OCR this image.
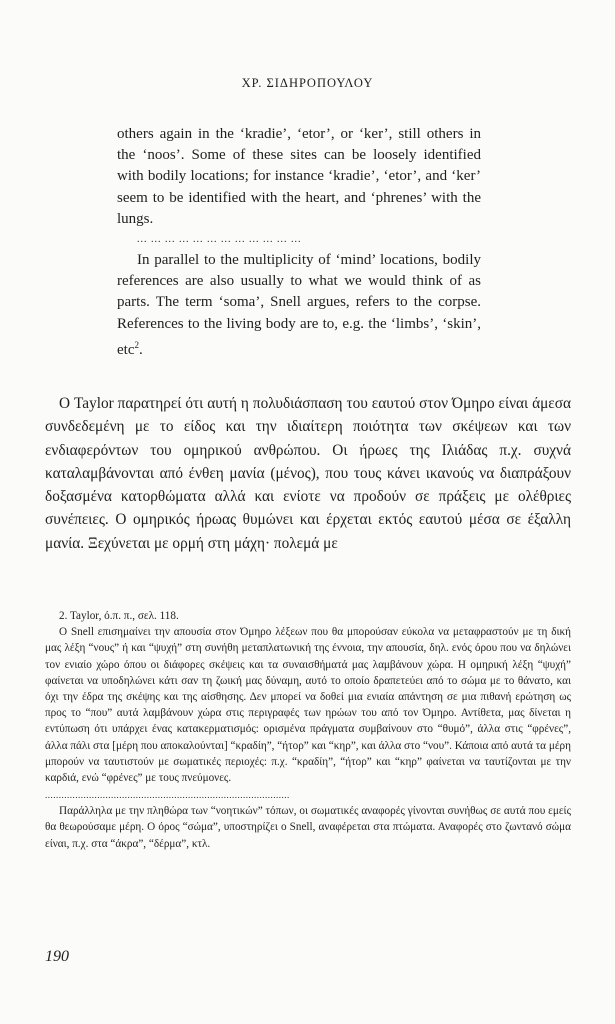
ΧΡ. ΣΙΔΗΡΟΠΟΥΛΟΥ

others again in the ‘kradie’, ‘etor’, or ‘ker’, still others in the ‘noos’. Some of these sites can be loosely identified with bodily locations; for instance ‘kradie’, ‘etor’, and ‘ker’ seem to be identified with the heart, and ‘phrenes’ with the lungs.

... ... ... ... ... ... ... ... ... ... ... ...

In parallel to the multiplicity of ‘mind’ locations, bodily references are also usually to what we would think of as parts. The term ‘soma’, Snell argues, refers to the corpse. References to the living body are to, e.g. the ‘limbs’, ‘skin’, etc$^2$.

Ο Taylor παρατηρεί ότι αυτή η πολυδιάσπαση του εαυτού στον Όμηρο είναι άμεσα συνδεδεμένη με το είδος και την ιδιαίτερη ποιότητα των σκέψεων και των ενδιαφερόντων του ομηρικού ανθρώπου. Οι ήρωες της Ιλιάδας π.χ. συχνά καταλαμβάνονται από ένθεη μανία (μένος), που τους κάνει ικανούς να διαπράξουν δοξασμένα κατορθώματα αλλά και ενίοτε να προδούν σε πράξεις με ολέθριες συνέπειες. Ο ομηρικός ήρωας θυμώνει και έρχεται εκτός εαυτού μέσα σε έξαλλη μανία. Ξεχύνεται με ορμή στη μάχη· πολεμά με

2. Taylor, ό.π. π., σελ. 118.

Ο Snell επισημαίνει την απουσία στον Όμηρο λέξεων που θα μπορούσαν εύκολα να μεταφραστούν με τη δική μας λέξη “νους” ή και “ψυχή” στη συνήθη μεταπλατωνική της έννοια, την απουσία, δηλ. ενός όρου που να δηλώνει τον ενιαίο χώρο όπου οι διάφορες σκέψεις και τα συναισθήματά μας λαμβάνουν χώρα. Η ομηρική λέξη “ψυχή” φαίνεται να υποδηλώνει κάτι σαν τη ζωική μας δύναμη, αυτό το οποίο δραπετεύει από το σώμα με το θάνατο, και όχι την έδρα της σκέψης και της αίσθησης. Δεν μπορεί να δοθεί μια ενιαία απάντηση σε μια πιθανή ερώτηση ως προς το “που” αυτά λαμβάνουν χώρα στις περιγραφές των ηρώων του από τον Όμηρο. Αντίθετα, μας δίνεται η εντύπωση ότι υπάρχει ένας κατακερματισμός: ορισμένα πράγματα συμβαίνουν στο “θυμό”, άλλα στις “φρένες”, άλλα πάλι στα [μέρη που αποκαλούνται] “κραδίη”, “ήτορ” και “κηρ”, και άλλα στο “νου”. Κάποια από αυτά τα μέρη μπορούν να ταυτιστούν με σωματικές περιοχές: π.χ. “κραδίη”, “ήτορ” και “κηρ” φαίνεται να ταυτίζονται με την καρδιά, ενώ “φρένες” με τους πνεύμονες.

.........................................................................................

Παράλληλα με την πληθώρα των “νοητικών” τόπων, οι σωματικές αναφορές γίνονται συνήθως σε αυτά που εμείς θα θεωρούσαμε μέρη. Ο όρος “σώμα”, υποστηρίζει ο Snell, αναφέρεται στα πτώματα. Αναφορές στο ζωντανό σώμα είναι, π.χ. στα “άκρα”, “δέρμα”, κτλ.

190
